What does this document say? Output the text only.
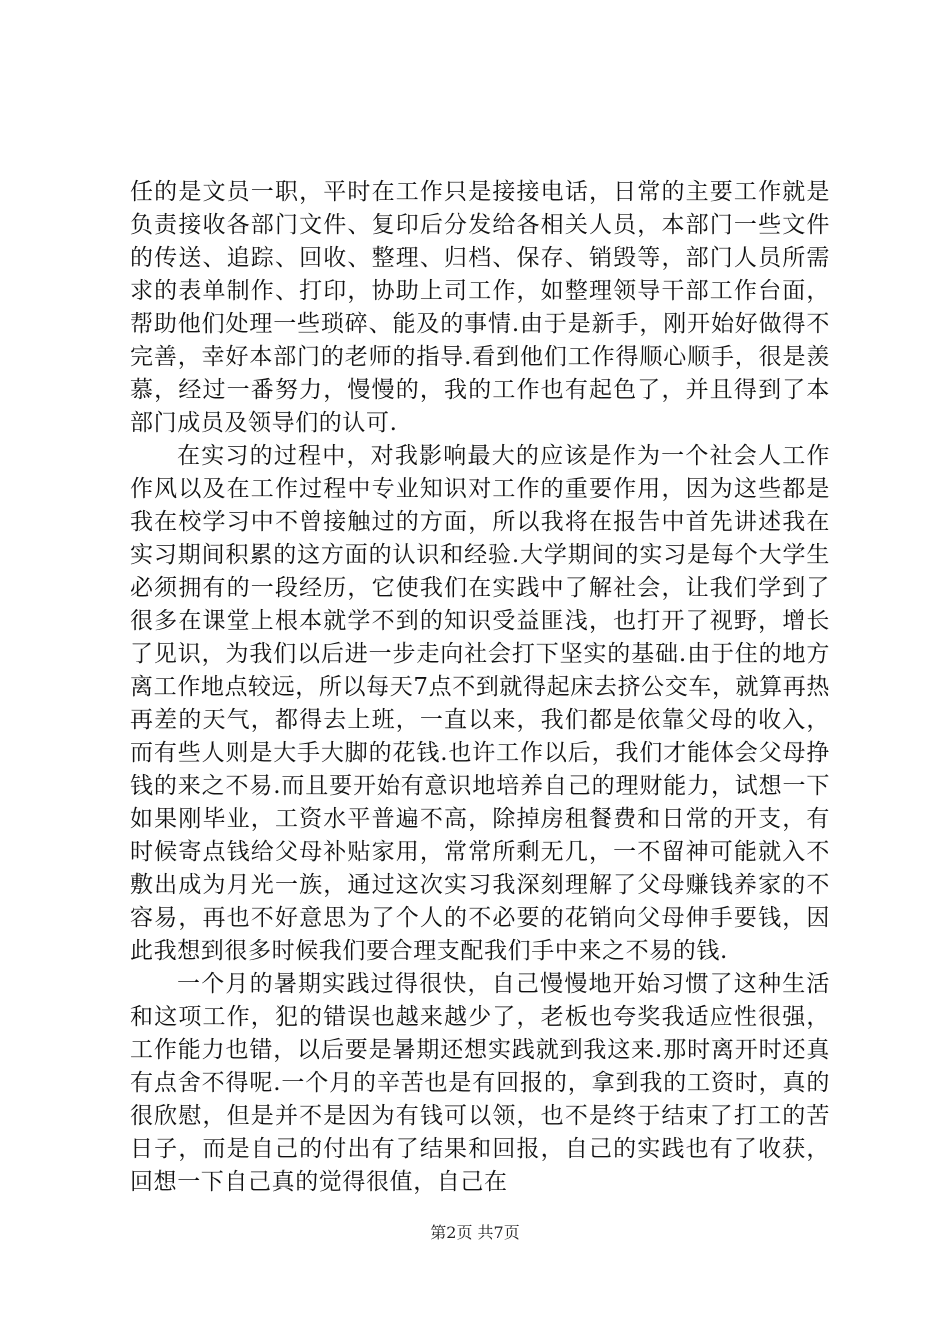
任的是文员一职，平时在工作只是接接电话，日常的主要工作就是负责接收各部门文件、复印后分发给各相关人员，本部门一些文件的传送、追踪、回收、整理、归档、保存、销毁等，部门人员所需求的表单制作、打印，协助上司工作，如整理领导干部工作台面，帮助他们处理一些琐碎、能及的事情.由于是新手，刚开始好做得不完善，幸好本部门的老师的指导.看到他们工作得顺心顺手，很是羡慕，经过一番努力，慢慢的，我的工作也有起色了，并且得到了本部门成员及领导们的认可.

在实习的过程中，对我影响最大的应该是作为一个社会人工作作风以及在工作过程中专业知识对工作的重要作用，因为这些都是我在校学习中不曾接触过的方面，所以我将在报告中首先讲述我在实习期间积累的这方面的认识和经验.大学期间的实习是每个大学生必须拥有的一段经历，它使我们在实践中了解社会，让我们学到了很多在课堂上根本就学不到的知识受益匪浅，也打开了视野，增长了见识，为我们以后进一步走向社会打下坚实的基础.由于住的地方离工作地点较远，所以每天7点不到就得起床去挤公交车，就算再热再差的天气，都得去上班，一直以来，我们都是依靠父母的收入，而有些人则是大手大脚的花钱.也许工作以后，我们才能体会父母挣钱的来之不易.而且要开始有意识地培养自己的理财能力，试想一下如果刚毕业，工资水平普遍不高，除掉房租餐费和日常的开支，有时候寄点钱给父母补贴家用，常常所剩无几，一不留神可能就入不敷出成为月光一族，通过这次实习我深刻理解了父母赚钱养家的不容易，再也不好意思为了个人的不必要的花销向父母伸手要钱，因此我想到很多时候我们要合理支配我们手中来之不易的钱.

一个月的暑期实践过得很快，自己慢慢地开始习惯了这种生活和这项工作，犯的错误也越来越少了，老板也夸奖我适应性很强，工作能力也错，以后要是暑期还想实践就到我这来.那时离开时还真有点舍不得呢.一个月的辛苦也是有回报的，拿到我的工资时，真的很欣慰，但是并不是因为有钱可以领，也不是终于结束了打工的苦日子，而是自己的付出有了结果和回报，自己的实践也有了收获，回想一下自己真的觉得很值，自己在

第2页 共7页
